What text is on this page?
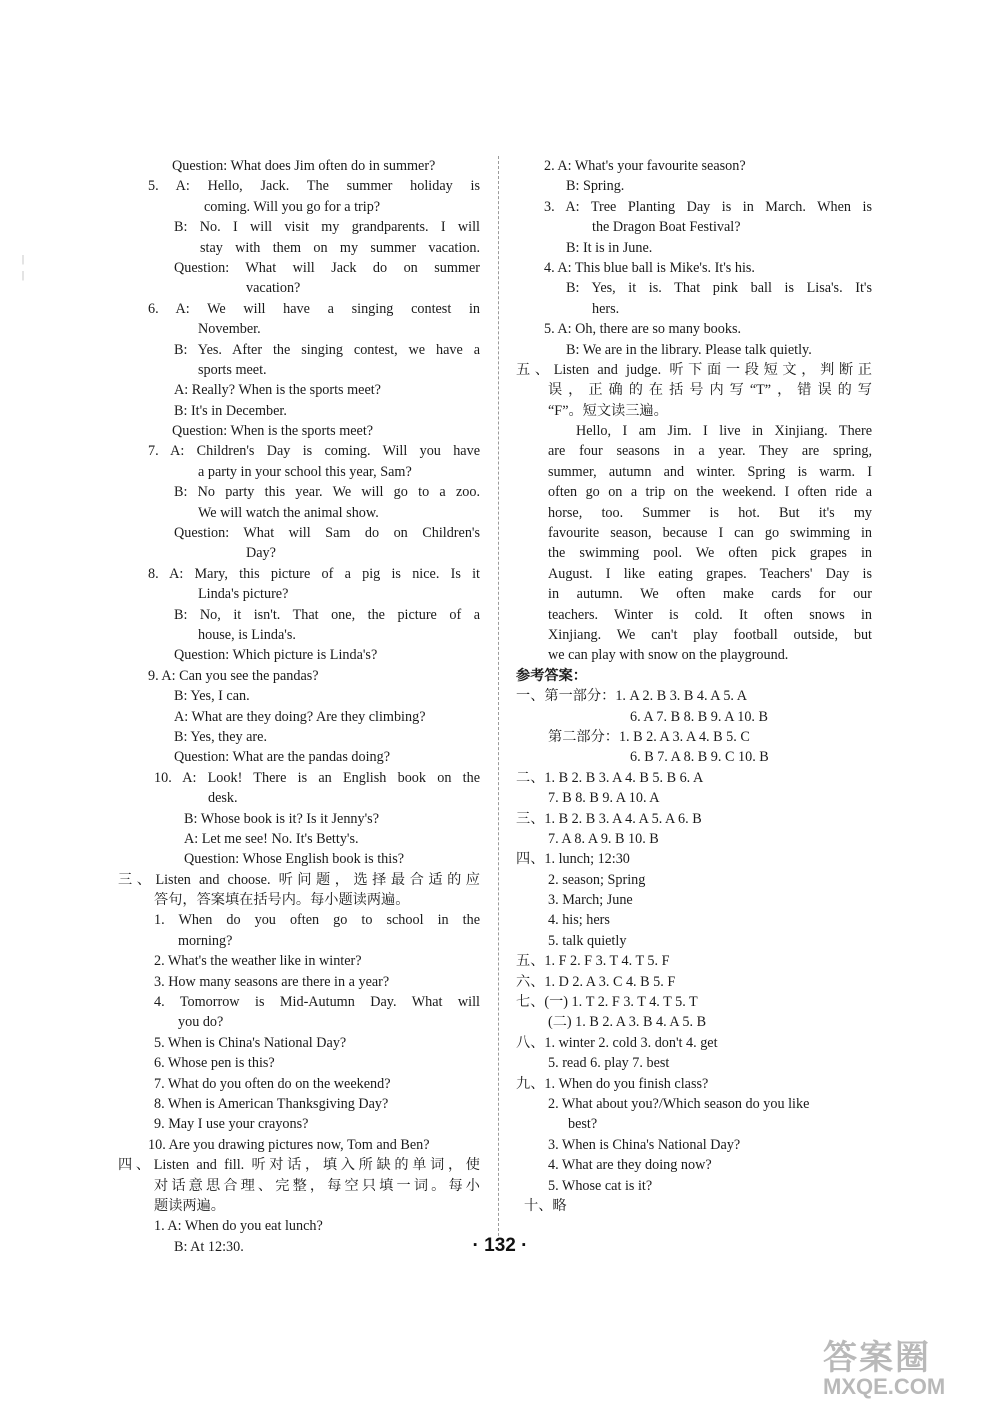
Question: What does Jim often do in summer?
5. A: Hello, Jack. The summer holiday is
coming. Will you go for a trip?
B: No. I will visit my grandparents. I will
stay with them on my summer vacation.
Question: What will Jack do on summer
vacation?
6. A: We will have a singing contest in
November.
B: Yes. After the singing contest, we have a
sports meet.
A: Really? When is the sports meet?
B: It's in December.
Question: When is the sports meet?
7. A: Children's Day is coming. Will you have
a party in your school this year, Sam?
B: No party this year. We will go to a zoo.
We will watch the animal show.
Question: What will Sam do on Children's
Day?
8. A: Mary, this picture of a pig is nice. Is it
Linda's picture?
B: No, it isn't. That one, the picture of a
house, is Linda's.
Question: Which picture is Linda's?
9. A: Can you see the pandas?
B: Yes, I can.
A: What are they doing? Are they climbing?
B: Yes, they are.
Question: What are the pandas doing?
10. A: Look! There is an English book on the
desk.
B: Whose book is it? Is it Jenny's?
A: Let me see! No. It's Betty's.
Question: Whose English book is this?
三、Listen and choose. 听问题，选择最合适的应
答句，答案填在括号内。每小题读两遍。
1. When do you often go to school in the
morning?
2. What's the weather like in winter?
3. How many seasons are there in a year?
4. Tomorrow is Mid-Autumn Day. What will
you do?
5. When is China's National Day?
6. Whose pen is this?
7. What do you often do on the weekend?
8. When is American Thanksgiving Day?
9. May I use your crayons?
10. Are you drawing pictures now, Tom and Ben?
四、Listen and fill. 听对话，填入所缺的单词，使
对话意思合理、完整，每空只填一词。每小
题读两遍。
1. A: When do you eat lunch?
B: At 12:30.
2. A: What's your favourite season?
B: Spring.
3. A: Tree Planting Day is in March. When is
the Dragon Boat Festival?
B: It is in June.
4. A: This blue ball is Mike's. It's his.
B: Yes, it is. That pink ball is Lisa's. It's
hers.
5. A: Oh, there are so many books.
B: We are in the library. Please talk quietly.
五、Listen and judge. 听下面一段短文，判断正
误，正确的在括号内写“T”，错误的写
“F”。短文读三遍。
Hello, I am Jim. I live in Xinjiang. There
are four seasons in a year. They are spring,
summer, autumn and winter. Spring is warm. I
often go on a trip on the weekend. I often ride a
horse, too. Summer is hot. But it's my
favourite season, because I can go swimming in
the swimming pool. We often pick grapes in
August. I like eating grapes. Teachers' Day is
in autumn. We often make cards for our
teachers. Winter is cold. It often snows in
Xinjiang. We can't play football outside, but
we can play with snow on the playground.
参考答案：
一、第一部分：1. A 2. B 3. B 4. A 5. A
6. A 7. B 8. B 9. A 10. B
第二部分：1. B 2. A 3. A 4. B 5. C
6. B 7. A 8. B 9. C 10. B
二、1. B 2. B 3. A 4. B 5. B 6. A
7. B 8. B 9. A 10. A
三、1. B 2. B 3. A 4. A 5. A 6. B
7. A 8. A 9. B 10. B
四、1. lunch; 12:30
2. season; Spring
3. March; June
4. his; hers
5. talk quietly
五、1. F 2. F 3. T 4. T 5. F
六、1. D 2. A 3. C 4. B 5. F
七、(一) 1. T 2. F 3. T 4. T 5. T
(二) 1. B 2. A 3. B 4. A 5. B
八、1. winter 2. cold 3. don't 4. get
5. read 6. play 7. best
九、1. When do you finish class?
2. What about you?/Which season do you like
best?
3. When is China's National Day?
4. What are they doing now?
5. Whose cat is it?
十、略
|
|
· 132 ·
答案圈
MXQE.COM
